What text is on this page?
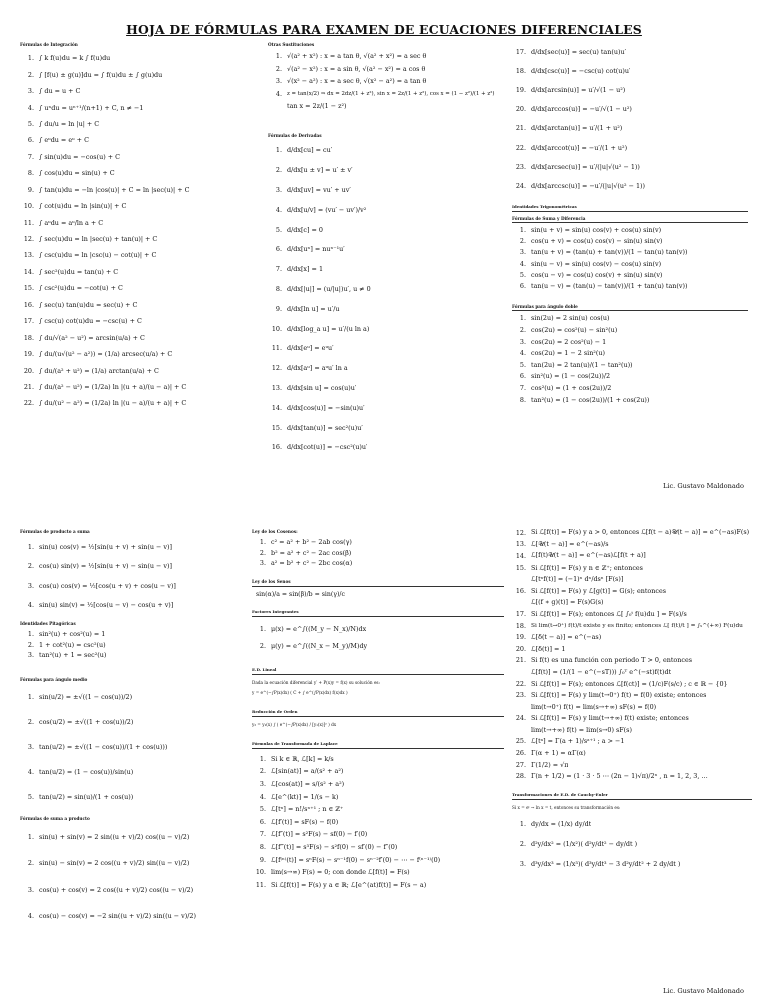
HOJA DE FÓRMULAS PARA EXAMEN DE ECUACIONES DIFERENCIALES
Fórmulas de Integración
1. ∫ k f(u)du = k ∫ f(u)du
2. ∫ [f(u) ± g(u)]du = ∫ f(u)du ± ∫ g(u)du
3. ∫ du = u + C
4. ∫ uⁿdu = uⁿ⁺¹/(n+1) + C, n ≠ −1
5. ∫ du/u = ln |u| + C
6. ∫ eᵘdu = eᵘ + C
7. ∫ sin(u)du = −cos(u) + C
8. ∫ cos(u)du = sin(u) + C
9. ∫ tan(u)du = −ln |cos(u)| + C = ln |sec(u)| + C
10. ∫ cot(u)du = ln |sin(u)| + C
11. ∫ aᵘdu = aᵘ/ln a + C
12. ∫ sec(u)du = ln |sec(u) + tan(u)| + C
13. ∫ csc(u)du = ln |csc(u) − cot(u)| + C
14. ∫ sec²(u)du = tan(u) + C
15. ∫ csc²(u)du = −cot(u) + C
16. ∫ sec(u) tan(u)du = sec(u) + C
17. ∫ csc(u) cot(u)du = −csc(u) + C
18. ∫ du/√(a² − u²) = arcsin(u/a) + C
19. ∫ du/(u√(u² − a²)) = (1/a) arcsec(u/a) + C
20. ∫ du/(a² + u²) = (1/a) arctan(u/a) + C
21. ∫ du/(a² − u²) = (1/2a) ln |(u + a)/(u − a)| + C
22. ∫ du/(u² − a²) = (1/2a) ln |(u − a)/(u + a)| + C
Otras Sustituciones
1. √(a² + x²) : x = a tan θ, √(a² + x²) = a sec θ
2. √(a² − x²) : x = a sin θ, √(a² − x²) = a cos θ
3. √(x² − a²) : x = a sec θ, √(x² − a²) = a tan θ
4. z = tan(x/2) ⇒ dx = 2dz/(1 + z²), sin x = 2z/(1 + z²), cos x = (1 − z²)/(1 + z²)
tan x = 2z/(1 − z²)
Fórmulas de Derivadas
1. d/dx[cu] = cu′
2. d/dx[u ± v] = u′ ± v′
3. d/dx[uv] = vu′ + uv′
4. d/dx[u/v] = (vu′ − uv′)/v²
5. d/dx[c] = 0
6. d/dx[uⁿ] = nuⁿ⁻¹u′
7. d/dx[x] = 1
8. d/dx[|u|] = (u/|u|)u′, u ≠ 0
9. d/dx[ln u] = u′/u
10. d/dx[log_a u] = u′/(u ln a)
11. d/dx[eᵘ] = eᵘu′
12. d/dx[aᵘ] = aᵘu′ ln a
13. d/dx[sin u] = cos(u)u′
14. d/dx[cos(u)] = −sin(u)u′
15. d/dx[tan(u)] = sec²(u)u′
16. d/dx[cot(u)] = −csc²(u)u′
17. d/dx[sec(u)] = sec(u) tan(u)u′
18. d/dx[csc(u)] = −csc(u) cot(u)u′
19. d/dx[arcsin(u)] = u′/√(1 − u²)
20. d/dx[arccos(u)] = −u′/√(1 − u²)
21. d/dx[arctan(u)] = u′/(1 + u²)
22. d/dx[arccot(u)] = −u′/(1 + u²)
23. d/dx[arcsec(u)] = u′/(|u|√(u² − 1))
24. d/dx[arccsc(u)] = −u′/(|u|√(u² − 1))
Identidades Trigonométricas
Fórmulas de Suma y Diferencia
1. sin(u + v) = sin(u) cos(v) + cos(u) sin(v)
2. cos(u + v) = cos(u) cos(v) − sin(u) sin(v)
3. tan(u + v) = (tan(u) + tan(v))/(1 − tan(u) tan(v))
4. sin(u − v) = sin(u) cos(v) − cos(u) sin(v)
5. cos(u − v) = cos(u) cos(v) + sin(u) sin(v)
6. tan(u − v) = (tan(u) − tan(v))/(1 + tan(u) tan(v))
Fórmulas para ángulo doble
1. sin(2u) = 2 sin(u) cos(u)
2. cos(2u) = cos²(u) − sin²(u)
3. cos(2u) = 2 cos²(u) − 1
4. cos(2u) = 1 − 2 sin²(u)
5. tan(2u) = 2 tan(u)/(1 − tan²(u))
6. sin²(u) = (1 − cos(2u))/2
7. cos²(u) = (1 + cos(2u))/2
8. tan²(u) = (1 − cos(2u))/(1 + cos(2u))
Lic. Gustavo Maldonado
Fórmulas de producto a suma
1. sin(u) cos(v) = ½[sin(u + v) + sin(u − v)]
2. cos(u) sin(v) = ½[sin(u + v) − sin(u − v)]
3. cos(u) cos(v) = ½[cos(u + v) + cos(u − v)]
4. sin(u) sin(v) = ½[cos(u − v) − cos(u + v)]
Identidades Pitagóricas
1. sin²(u) + cos²(u) = 1
2. 1 + cot²(u) = csc²(u)
3. tan²(u) + 1 = sec²(u)
Fórmulas para ángulo medio
1. sin(u/2) = ±√((1 − cos(u))/2)
2. cos(u/2) = ±√((1 + cos(u))/2)
3. tan(u/2) = ±√((1 − cos(u))/(1 + cos(u)))
4. tan(u/2) = (1 − cos(u))/sin(u)
5. tan(u/2) = sin(u)/(1 + cos(u))
Fórmulas de suma a producto
1. sin(u) + sin(v) = 2 sin((u + v)/2) cos((u − v)/2)
2. sin(u) − sin(v) = 2 cos((u + v)/2) sin((u − v)/2)
3. cos(u) + cos(v) = 2 cos((u + v)/2) cos((u − v)/2)
4. cos(u) − cos(v) = −2 sin((u + v)/2) sin((u − v)/2)
Ley de los Cosenos:
1. c² = a² + b² − 2ab cos(γ)
2. b² = a² + c² − 2ac cos(β)
3. a² = b² + c² − 2bc cos(α)
Ley de los Senos
sin(α)/a = sin(β)/b = sin(γ)/c
Factores Integrantes
1. μ(x) = e^∫((M_y − N_x)/N)dx
2. μ(y) = e^∫((N_x − M_y)/M)dy
E.D. Lineal
Dada la ecuación diferencial y′ + P(x)y = f(x) su solución es:
y = e^(−∫P(x)dx) ( C + ∫ e^(∫P(x)dx) f(x)dx )
Reducción de Orden
y₂ = y₁(x) ∫ ( e^(−∫P(x)dx) / [y₁(x)]² ) dx
Fórmulas de Transformada de Laplace
1. Si k ∈ ℝ, ℒ[k] = k/s
2. ℒ[sin(at)] = a/(s² + a²)
3. ℒ[cos(at)] = s/(s² + a²)
4. ℒ[e^(kt)] = 1/(s − k)
5. ℒ[tⁿ] = n!/sⁿ⁺¹ ; n ∈ ℤ⁺
6. ℒ[f′(t)] = sF(s) − f(0)
7. ℒ[f″(t)] = s²F(s) − sf(0) − f′(0)
8. ℒ[f‴(t)] = s³F(s) − s²f(0) − sf′(0) − f″(0)
9. ℒ[f⁽ⁿ⁾(t)] = sⁿF(s) − sⁿ⁻¹f(0) − sⁿ⁻²f′(0) − ⋯ − f⁽ⁿ⁻¹⁾(0)
10. lim(s→∞) F(s) = 0; con donde ℒ[f(t)] = F(s)
11. Si ℒ[f(t)] = F(s) y a ∈ ℝ; ℒ[e^(at)f(t)] = F(s − a)
12. Si ℒ[f(t)] = F(s) y a > 0, entonces ℒ[f(t − a)𝒰(t − a)] = e^(−as)F(s)
13. ℒ[𝒰(t − a)] = e^(−as)/s
14. ℒ[f(t)𝒰(t − a)] = e^(−as)ℒ[f(t + a)]
15. Si ℒ[f(t)] = F(s) y n ∈ ℤ⁺; entonces
ℒ[tⁿf(t)] = (−1)ⁿ dⁿ/dsⁿ [F(s)]
16. Si ℒ[f(t)] = F(s) y ℒ[g(t)] = G(s); entonces
ℒ[(f ∗ g)(t)] = F(s)G(s)
17. Si ℒ[f(t)] = F(s); entonces ℒ[ ∫₀ᵗ f(u)du ] = F(s)/s
18. Si lim(t→0⁺) f(t)/t existe y es finito; entonces ℒ[ f(t)/t ] = ∫ₛ^(+∞) F(u)du
19. ℒ[δ(t − a)] = e^(−as)
20. ℒ[δ(t)] = 1
21. Si f(t) es una función con periodo T > 0, entonces
ℒ[f(t)] = (1/(1 − e^(−sT))) ∫₀ᵀ e^(−st)f(t)dt
22. Si ℒ[f(t)] = F(s); entonces ℒ[f(ct)] = (1/c)F(s/c) ; c ∈ ℝ − {0}
23. Si ℒ[f(t)] = F(s) y lim(t→0⁺) f(t) = f(0) existe; entonces
lim(t→0⁺) f(t) = lim(s→+∞) sF(s) = f(0)
24. Si ℒ[f(t)] = F(s) y lim(t→+∞) f(t) existe; entonces
lim(t→+∞) f(t) = lim(s→0) sF(s)
25. ℒ[tᵃ] = Γ(a + 1)/sᵃ⁺¹ ; a > −1
26. Γ(α + 1) = αΓ(α)
27. Γ(1/2) = √π
28. Γ(n + 1/2) = (1 · 3 · 5 ⋯ (2n − 1)√π)/2ⁿ , n = 1, 2, 3, …
Transformaciones de E.D. de Cauchy-Euler
Si x = eᵗ → ln x = t, entonces su transformación es:
1. dy/dx = (1/x) dy/dt
2. d²y/dx² = (1/x²)( d²y/dt² − dy/dt )
3. d³y/dx³ = (1/x³)( d³y/dt³ − 3 d²y/dt² + 2 dy/dt )
Lic. Gustavo Maldonado
